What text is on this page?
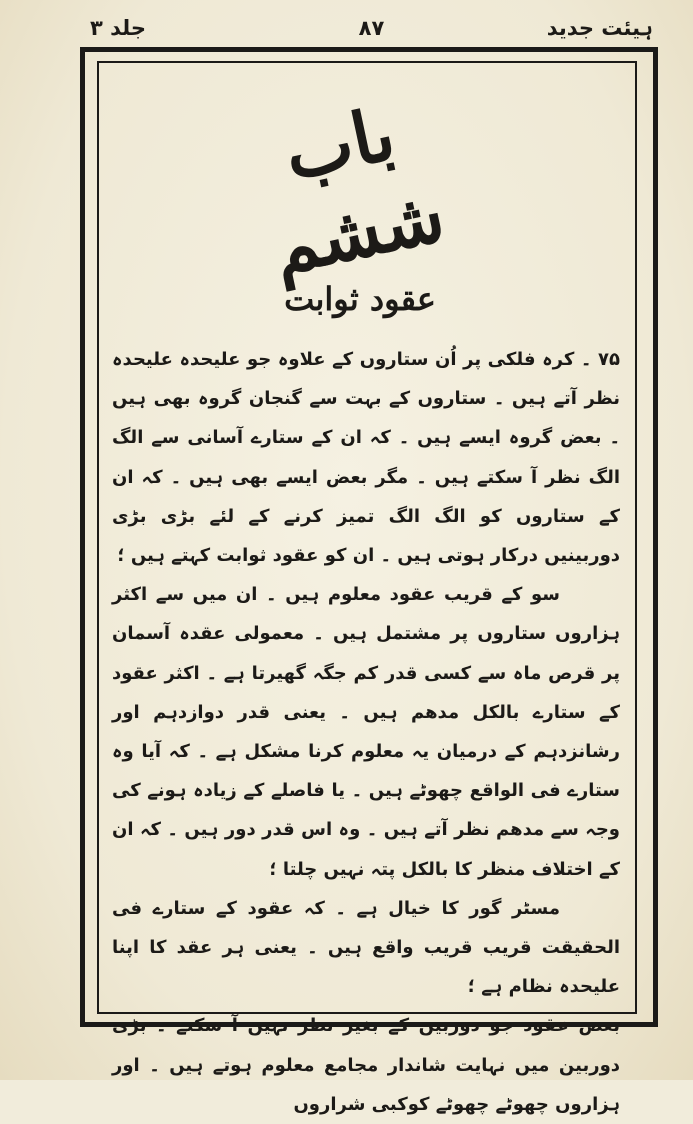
ہیئت جدید
۸۷
جلد ۳
باب ششم
عقود ثوابت

۷۵ ۔ کرہ فلکی پر اُن ستاروں کے علاوہ جو علیحدہ علیحدہ نظر آتے ہیں ۔ ستاروں کے بہت سے گنجان گروہ بھی ہیں ۔ بعض گروہ ایسے ہیں ۔ کہ ان کے ستارے آسانی سے الگ الگ نظر آ سکتے ہیں ۔ مگر بعض ایسے بھی ہیں ۔ کہ ان کے ستاروں کو الگ الگ تمیز کرنے کے لئے بڑی بڑی دوربینیں درکار ہوتی ہیں ۔ ان کو عقود ثوابت کہتے ہیں ؛

سو کے قریب عقود معلوم ہیں ۔ ان میں سے اکثر ہزاروں ستاروں پر مشتمل ہیں ۔ معمولی عقدہ آسمان پر قرص ماہ سے کسی قدر کم جگہ گھیرتا ہے ۔ اکثر عقود کے ستارے بالکل مدھم ہیں ۔ یعنی قدر دوازدہم اور رشانزدہم کے درمیان یہ معلوم کرنا مشکل ہے ۔ کہ آیا وہ ستارے فی الواقع چھوٹے ہیں ۔ یا فاصلے کے زیادہ ہونے کی وجہ سے مدھم نظر آتے ہیں ۔ وہ اس قدر دور ہیں ۔ کہ ان کے اختلاف منظر کا بالکل پتہ نہیں چلتا ؛

مسٹر گور کا خیال ہے ۔ کہ عقود کے ستارے فی الحقیقت قریب قریب واقع ہیں ۔ یعنی ہر عقد کا اپنا علیحدہ نظام ہے ؛

بعض عقود جو دوربین کے بغیر نظر نہیں آ سکتے ۔ بڑی دوربین میں نہایت شاندار مجامع معلوم ہوتے ہیں ۔ اور ہزاروں چھوٹے چھوٹے کوکبی شراروں
